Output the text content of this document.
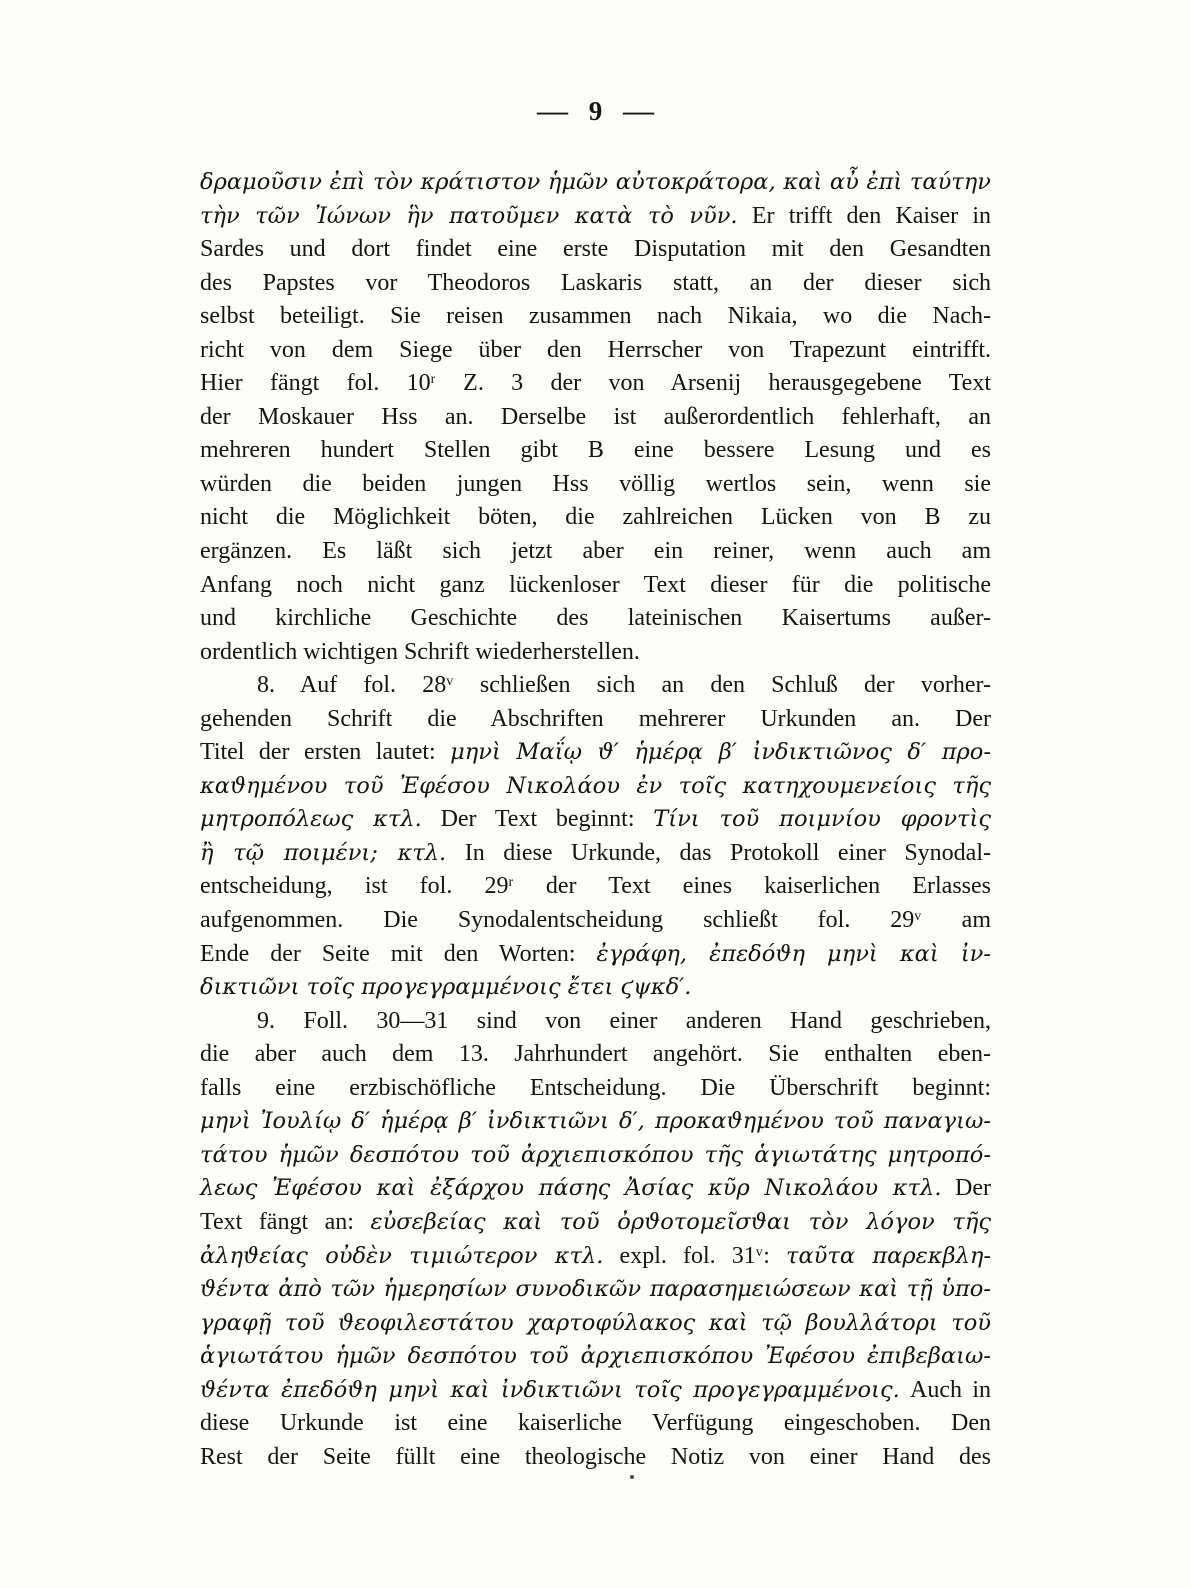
— 9 —
δραμοῦσιν ἐπὶ τὸν κράτιστον ἡμῶν αὐτοκράτορα, καὶ αὖ ἐπὶ ταύτην
τὴν τῶν Ἰώνων ἣν πατοῦμεν κατὰ τὸ νῦν. Er trifft den Kaiser in
Sardes und dort findet eine erste Disputation mit den Gesandten
des Papstes vor Theodoros Laskaris statt, an der dieser sich
selbst beteiligt. Sie reisen zusammen nach Nikaia, wo die Nach-
richt von dem Siege über den Herrscher von Trapezunt eintrifft.
Hier fängt fol. 10$^r$ Z. 3 der von Arsenij herausgegebene Text
der Moskauer Hss an. Derselbe ist außerordentlich fehlerhaft, an
mehreren hundert Stellen gibt B eine bessere Lesung und es
würden die beiden jungen Hss völlig wertlos sein, wenn sie
nicht die Möglichkeit böten, die zahlreichen Lücken von B zu
ergänzen. Es läßt sich jetzt aber ein reiner, wenn auch am
Anfang noch nicht ganz lückenloser Text dieser für die politische
und kirchliche Geschichte des lateinischen Kaisertums außer-
ordentlich wichtigen Schrift wiederherstellen.
8. Auf fol. 28$^v$ schließen sich an den Schluß der vorher-
gehenden Schrift die Abschriften mehrerer Urkunden an. Der
Titel der ersten lautet: μηνὶ Μαΐῳ ϑ′ ἡμέρᾳ β′ ἰνδικτιῶνος δ′ προ-
καϑημένου τοῦ Ἐφέσου Νικολάου ἐν τοῖς κατηχουμενείοις τῆς
μητροπόλεως κτλ. Der Text beginnt: Τίνι τοῦ ποιμνίου φροντὶς
ἢ τῷ ποιμένι; κτλ. In diese Urkunde, das Protokoll einer Synodal-
entscheidung, ist fol. 29$^r$ der Text eines kaiserlichen Erlasses
aufgenommen. Die Synodalentscheidung schließt fol. 29$^v$ am
Ende der Seite mit den Worten: ἐγράφη, ἐπεδόϑη μηνὶ καὶ ἰν-
δικτιῶνι τοῖς προγεγραμμένοις ἔτει ϛψκδ′.
9. Foll. 30—31 sind von einer anderen Hand geschrieben,
die aber auch dem 13. Jahrhundert angehört. Sie enthalten eben-
falls eine erzbischöfliche Entscheidung. Die Überschrift beginnt:
μηνὶ Ἰουλίῳ δ′ ἡμέρᾳ β′ ἰνδικτιῶνι δ′, προκαϑημένου τοῦ παναγιω-
τάτου ἡμῶν δεσπότου τοῦ ἀρχιεπισκόπου τῆς ἁγιωτάτης μητροπό-
λεως Ἐφέσου καὶ ἐξάρχου πάσης Ἀσίας κῦρ Νικολάου κτλ. Der
Text fängt an: εὐσεβείας καὶ τοῦ ὀρϑοτομεῖσϑαι τὸν λόγον τῆς
ἀληϑείας οὐδὲν τιμιώτερον κτλ. expl. fol. 31$^v$: ταῦτα παρεκβλη-
ϑέντα ἀπὸ τῶν ἡμερησίων συνοδικῶν παρασημειώσεων καὶ τῇ ὑπο-
γραφῇ τοῦ ϑεοφιλεστάτου χαρτοφύλακος καὶ τῷ βουλλάτορι τοῦ
ἁγιωτάτου ἡμῶν δεσπότου τοῦ ἀρχιεπισκόπου Ἐφέσου ἐπιβεβαιω-
ϑέντα ἐπεδόϑη μηνὶ καὶ ἰνδικτιῶνι τοῖς προγεγραμμένοις. Auch in
diese Urkunde ist eine kaiserliche Verfügung eingeschoben. Den
Rest der Seite füllt eine theologische Notiz von einer Hand des
